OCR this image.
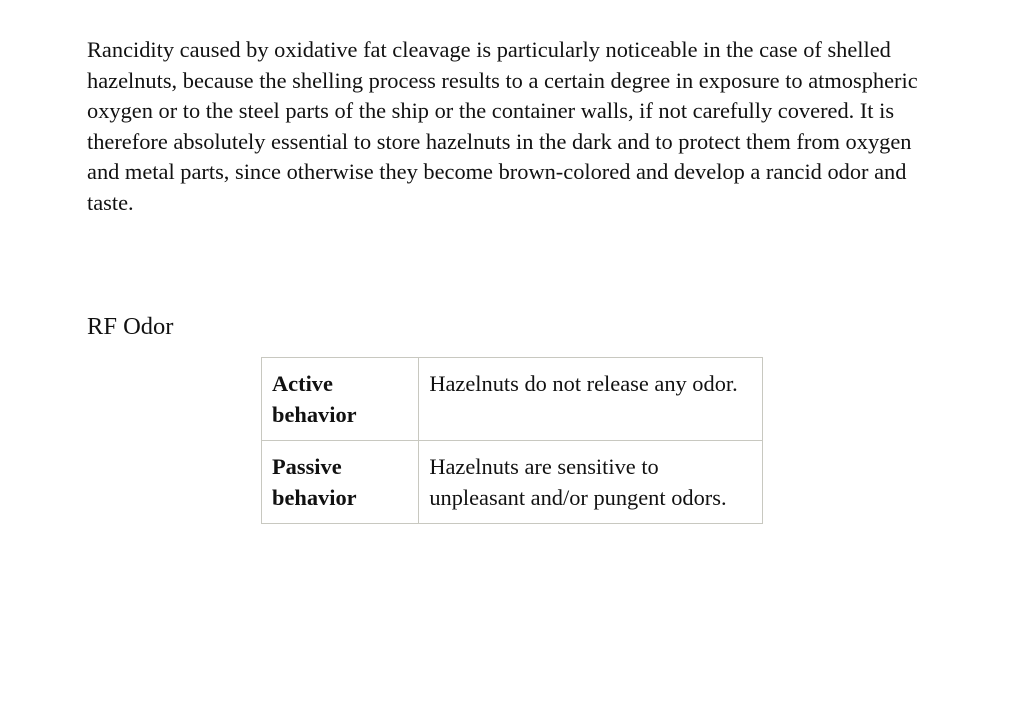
Rancidity caused by oxidative fat cleavage is particularly noticeable in the case of shelled hazelnuts, because the shelling process results to a certain degree in exposure to atmospheric oxygen or to the steel parts of the ship or the container walls, if not carefully covered. It is therefore absolutely essential to store hazelnuts in the dark and to protect them from oxygen and metal parts, since otherwise they become brown-colored and develop a rancid odor and taste.

RF Odor
Active behavior	Hazelnuts do not release any odor.
Passive behavior	Hazelnuts are sensitive to unpleasant and/or pungent odors.
